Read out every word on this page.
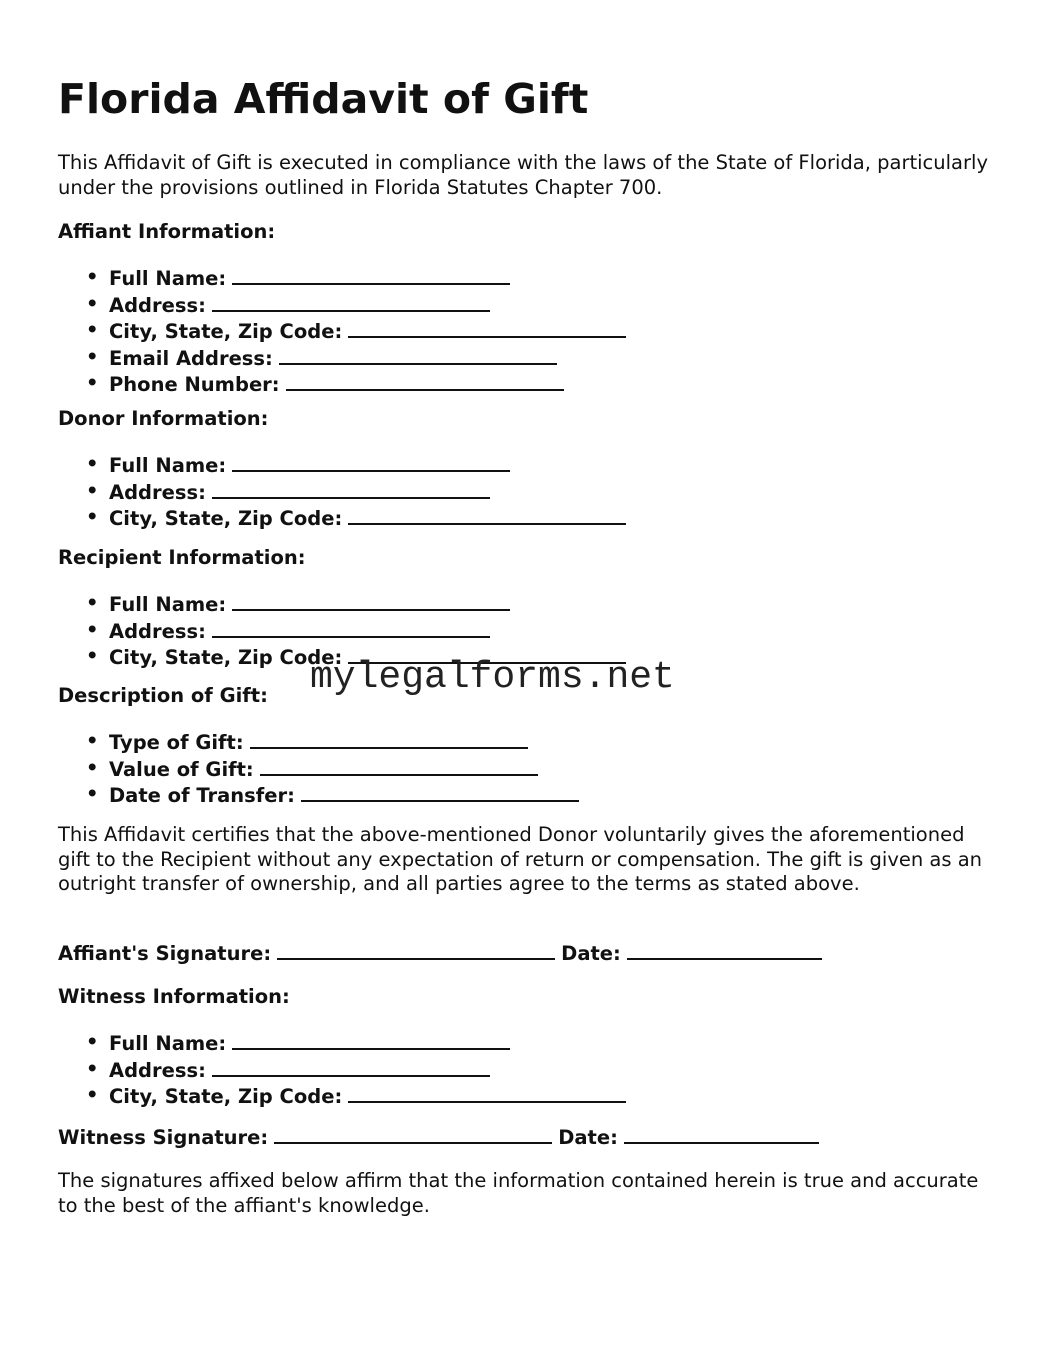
Florida Affidavit of Gift

This Affidavit of Gift is executed in compliance with the laws of the State of Florida, particularly under the provisions outlined in Florida Statutes Chapter 700.

Affiant Information:

• Full Name:
• Address:
• City, State, Zip Code:
• Email Address:
• Phone Number:

Donor Information:

• Full Name:
• Address:
• City, State, Zip Code:

Recipient Information:

• Full Name:
• Address:
• City, State, Zip Code:

Description of Gift:

• Type of Gift:
• Value of Gift:
• Date of Transfer:

This Affidavit certifies that the above-mentioned Donor voluntarily gives the aforementioned gift to the Recipient without any expectation of return or compensation. The gift is given as an outright transfer of ownership, and all parties agree to the terms as stated above.

Affiant's Signature:	Date:

Witness Information:

• Full Name:
• Address:
• City, State, Zip Code:

Witness Signature:	Date:

The signatures affixed below affirm that the information contained herein is true and accurate to the best of the affiant's knowledge.

mylegalforms.net
